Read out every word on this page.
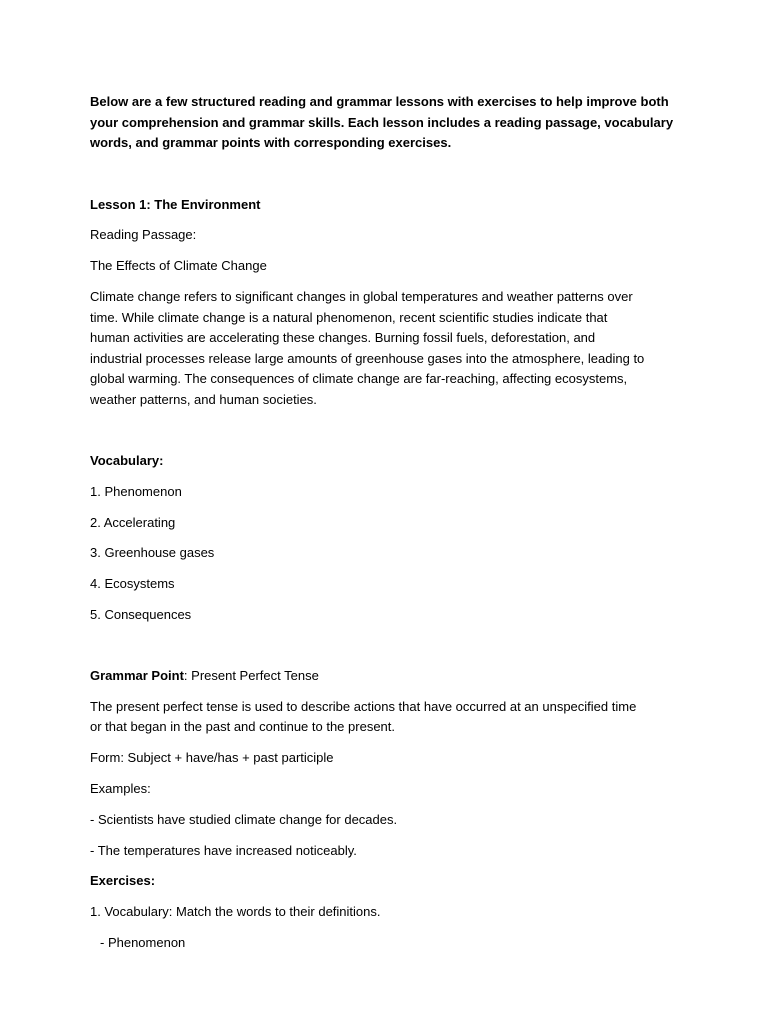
Below are a few structured reading and grammar lessons with exercises to help improve both

your comprehension and grammar skills. Each lesson includes a reading passage, vocabulary

words, and grammar points with corresponding exercises.

Lesson 1: The Environment

Reading Passage:

The Effects of Climate Change

Climate change refers to significant changes in global temperatures and weather patterns over

time. While climate change is a natural phenomenon, recent scientific studies indicate that

human activities are accelerating these changes. Burning fossil fuels, deforestation, and

industrial processes release large amounts of greenhouse gases into the atmosphere, leading to

global warming. The consequences of climate change are far-reaching, affecting ecosystems,

weather patterns, and human societies.

Vocabulary:

1. Phenomenon

2. Accelerating

3. Greenhouse gases

4. Ecosystems

5. Consequences

Grammar Point: Present Perfect Tense

The present perfect tense is used to describe actions that have occurred at an unspecified time

or that began in the past and continue to the present.

Form: Subject + have/has + past participle

Examples:

- Scientists have studied climate change for decades.

- The temperatures have increased noticeably.

Exercises:

1. Vocabulary: Match the words to their definitions.

- Phenomenon
